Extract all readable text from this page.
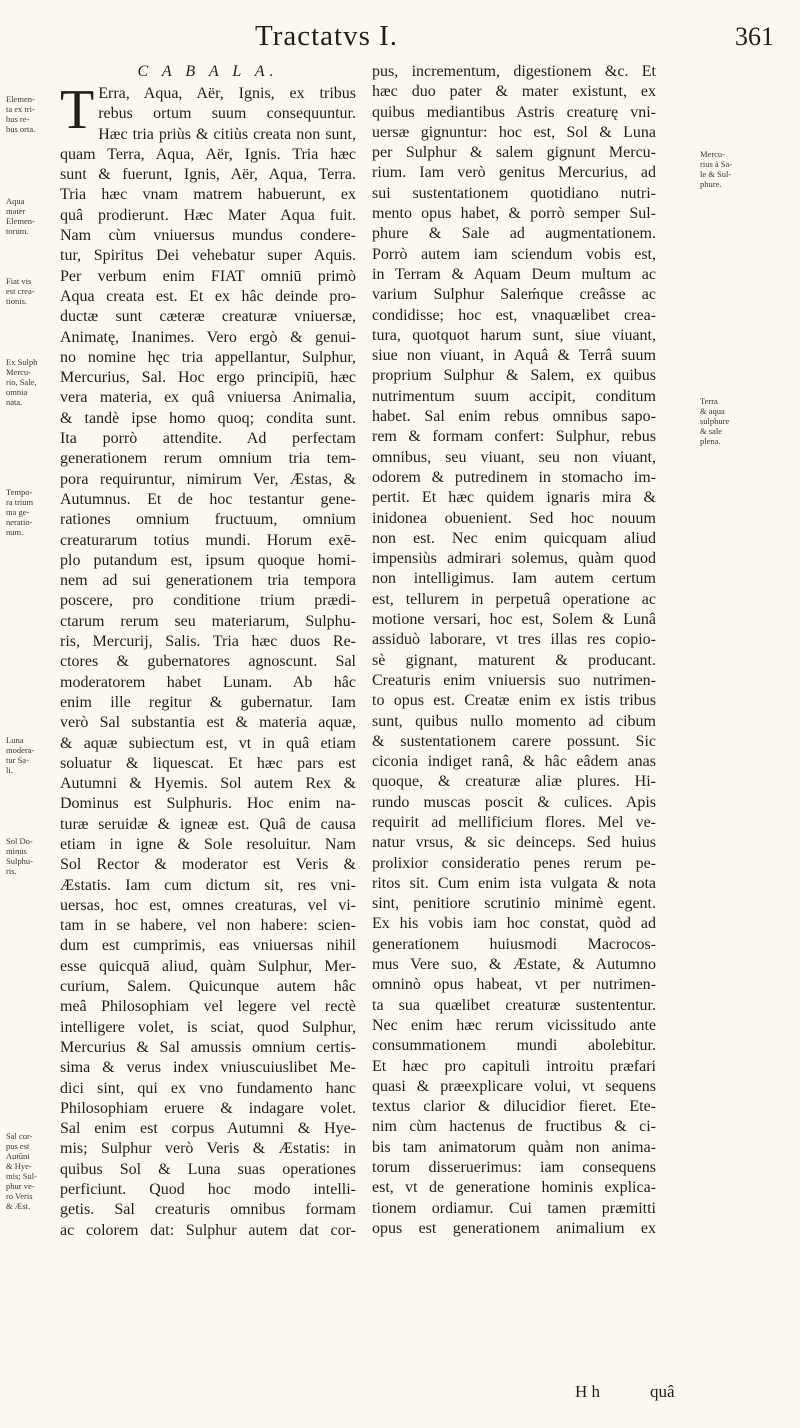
Tractatvs I.	361
C A B A L A.
T Erra, Aqua, Aër, Ignis, ex tribus
rebus ortum suum consequuntur.
Hæc tria priùs & citiùs creata non sunt,
quam Terra, Aqua, Aër, Ignis. Tria hæc
sunt & fuerunt, Ignis, Aër, Aqua, Terra.
Tria hæc vnam matrem habuerunt, ex
quâ prodierunt. Hæc Mater Aqua fuit.
Nam cùm vniuersus mundus condere-
tur, Spiritus Dei vehebatur super Aquis.
Per verbum enim FIAT omniū primò
Aqua creata est. Et ex hâc deinde pro-
ductæ sunt cæteræ creaturæ vniuersæ,
Animatę, Inanimes. Vero ergò & genui-
no nomine hęc tria appellantur, Sulphur,
Mercurius, Sal. Hoc ergo principiū, hæc
vera materia, ex quâ vniuersa Animalia,
& tandè ipse homo quoq; condita sunt.
Ita porrò attendite. Ad perfectam
generationem rerum omnium tria tem-
pora requiruntur, nimirum Ver, Æstas, &
Autumnus. Et de hoc testantur gene-
rationes omnium fructuum, omnium
creaturarum totius mundi. Horum exē-
plo putandum est, ipsum quoque homi-
nem ad sui generationem tria tempora
poscere, pro conditione trium prædi-
ctarum rerum seu materiarum, Sulphu-
ris, Mercurij, Salis. Tria hæc duos Re-
ctores & gubernatores agnoscunt. Sal
moderatorem habet Lunam. Ab hâc
enim ille regitur & gubernatur. Iam
verò Sal substantia est & materia aquæ,
& aquæ subiectum est, vt in quâ etiam
soluatur & liquescat. Et hæc pars est
Autumni & Hyemis. Sol autem Rex &
Dominus est Sulphuris. Hoc enim na-
turæ seruidæ & igneæ est. Quâ de causa
etiam in igne & Sole resoluitur. Nam
Sol Rector & moderator est Veris &
Æstatis. Iam cum dictum sit, res vni-
uersas, hoc est, omnes creaturas, vel vi-
tam in se habere, vel non habere: scien-
dum est cumprimis, eas vniuersas nihil
esse quicquā aliud, quàm Sulphur, Mer-
curium, Salem. Quicunque autem hâc
meâ Philosophiam vel legere vel rectè
intelligere volet, is sciat, quod Sulphur,
Mercurius & Sal amussis omnium certis-
sima & verus index vniuscuiuslibet Me-
dici sint, qui ex vno fundamento hanc
Philosophiam eruere & indagare volet.
Sal enim est corpus Autumni & Hye-
mis; Sulphur verò Veris & Æstatis: in
quibus Sol & Luna suas operationes
perficiunt. Quod hoc modo intelli-
getis. Sal creaturis omnibus formam
ac colorem dat: Sulphur autem dat cor-
pus, incrementum, digestionem &c. Et
hæc duo pater & mater existunt, ex
quibus mediantibus Astris creaturę vni-
uersæ gignuntur: hoc est, Sol & Luna
per Sulphur & salem gignunt Mercu-
rium. Iam verò genitus Mercurius, ad
sui sustentationem quotidiano nutri-
mento opus habet, & porrò semper Sul-
phure & Sale ad augmentationem.
Porrò autem iam sciendum vobis est,
in Terram & Aquam Deum multum ac
varium Sulphur Saleḿque creâsse ac
condidisse; hoc est, vnaquælibet crea-
tura, quotquot harum sunt, siue viuant,
siue non viuant, in Aquâ & Terrâ suum
proprium Sulphur & Salem, ex quibus
nutrimentum suum accipit, conditum
habet. Sal enim rebus omnibus sapo-
rem & formam confert: Sulphur, rebus
omnibus, seu viuant, seu non viuant,
odorem & putredinem in stomacho im-
pertit. Et hæc quidem ignaris mira &
inidonea obuenient. Sed hoc nouum
non est. Nec enim quicquam aliud
impensiùs admirari solemus, quàm quod
non intelligimus. Iam autem certum
est, tellurem in perpetuâ operatione ac
motione versari, hoc est, Solem & Lunâ
assiduò laborare, vt tres illas res copio-
sè gignant, maturent & producant.
Creaturis enim vniuersis suo nutrimen-
to opus est. Creatæ enim ex istis tribus
sunt, quibus nullo momento ad cibum
& sustentationem carere possunt. Sic
ciconia indiget ranâ, & hâc eâdem anas
quoque, & creaturæ aliæ plures. Hi-
rundo muscas poscit & culices. Apis
requirit ad mellificium flores. Mel ve-
natur vrsus, & sic deinceps. Sed huius
prolixior consideratio penes rerum pe-
ritos sit. Cum enim ista vulgata & nota
sint, penitiore scrutinio minimè egent.
Ex his vobis iam hoc constat, quòd ad
generationem huiusmodi Macrocos-
mus Vere suo, & Æstate, & Autumno
omninò opus habeat, vt per nutrimen-
ta sua quælibet creaturæ sustententur.
Nec enim hæc rerum vicissitudo ante
consummationem mundi abolebitur.
Et hæc pro capituli introitu præfari
quasi & præexplicare volui, vt sequens
textus clarior & dilucidior fieret. Ete-
nim cùm hactenus de fructibus & ci-
bis tam animatorum quàm non anima-
torum disseruerimus: iam consequens
est, vt de generatione hominis explica-
tionem ordiamur. Cui tamen præmitti
opus est generationem animalium ex
H h	quâ
Elemen-
ta ex tri-
bus re-
bus orta.
Aqua
mater
Elemen-
torum.
Fiat vis
est crea-
tionis.
Ex Sulph
Mercu-
rio, Sale,
omnia
nata.
Tempo-
ra trium
ma ge-
neratio-
num.
Luna
modera-
tur Sa-
li.
Sol Do-
minus
Sulphu-
ris.
Sal cor-
pus est
Autūni
& Hye-
mis; Sul-
phur ve-
ro Veris
& Æst.
Mercu-
rius à Sa-
le & Sul-
phure.
Terra
& aqua
sulphure
& sale
plena.
